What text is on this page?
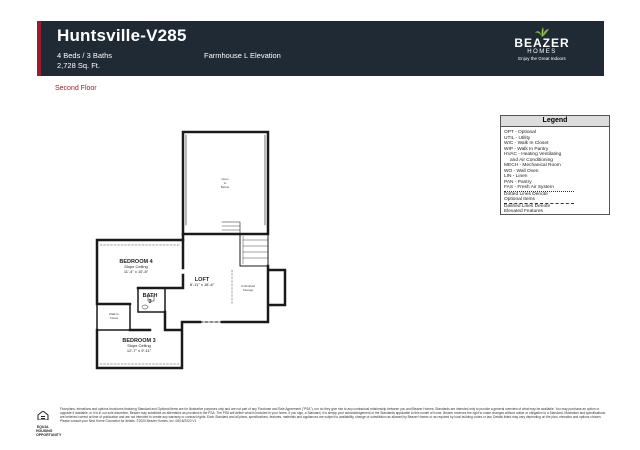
Huntsville-V285
4 Beds / 3 Baths
2,728 Sq. Ft.
Farmhouse L Elevation
BEAZER
HOMES
Enjoy the Great Indoors
Second Floor
Legend
OPT - Optional
UTIL - Utility
WIC - Walk In Closet
WIP - Walk In Pantry
HVAC - Heating Ventilating
and Air Conditioning
MECH - Mechanical Room
WO - Wall Oven
LIN - Linen
PAN - Pantry
FAS - Fresh Air System
Dotted Lines Denote
Optional Items
Dashed Lines Denote
Elevated Features
Open
to
Below
BEDROOM 4
Slope Ceiling
11'-4" x 10'-8"
LOFT
8'-11" x 18'-6"
BATH
3
Unfinished
Storage
Walk-In
Closet
BEDROOM 3
Slope Ceiling
12'-7" x 9'-11"
EQUAL HOUSING
OPPORTUNITY
Floorplans, elevations and options brochures featuring Standard and Optional items are for illustrative purposes only and are not part of any Purchase and Sale Agreement ("PSA"), nor do they give rise to any contractual relationship between you and Beazer Homes. Standards are intended only to provide a general overview of what may be available. You may purchase an option or upgrade if available, or it is in our sole discretion, Beazer may substitute an alternative as provided in the PSA. The PSA will define what is included in your home. If you sign, a Standard, it is simply your acknowledgement of the Standards applicable to this model of home. Beazer reserves the right to make changes without notice or obligation to a Standard, Illustration and specifications are believed correct at time of publication and are not intended to create any warranty or contract rights. Each Standard and all plans, specifications, features, materials and appliances are subject to availability, change or substitution as allowed by Beazer Homes or as required by local building codes or law. Details listed may vary depending on the plan, elevation and options chosen. Please consult your New Home Counselor for details. ©2020 Beazer Homes, Inc. 06/16/2020 V1
